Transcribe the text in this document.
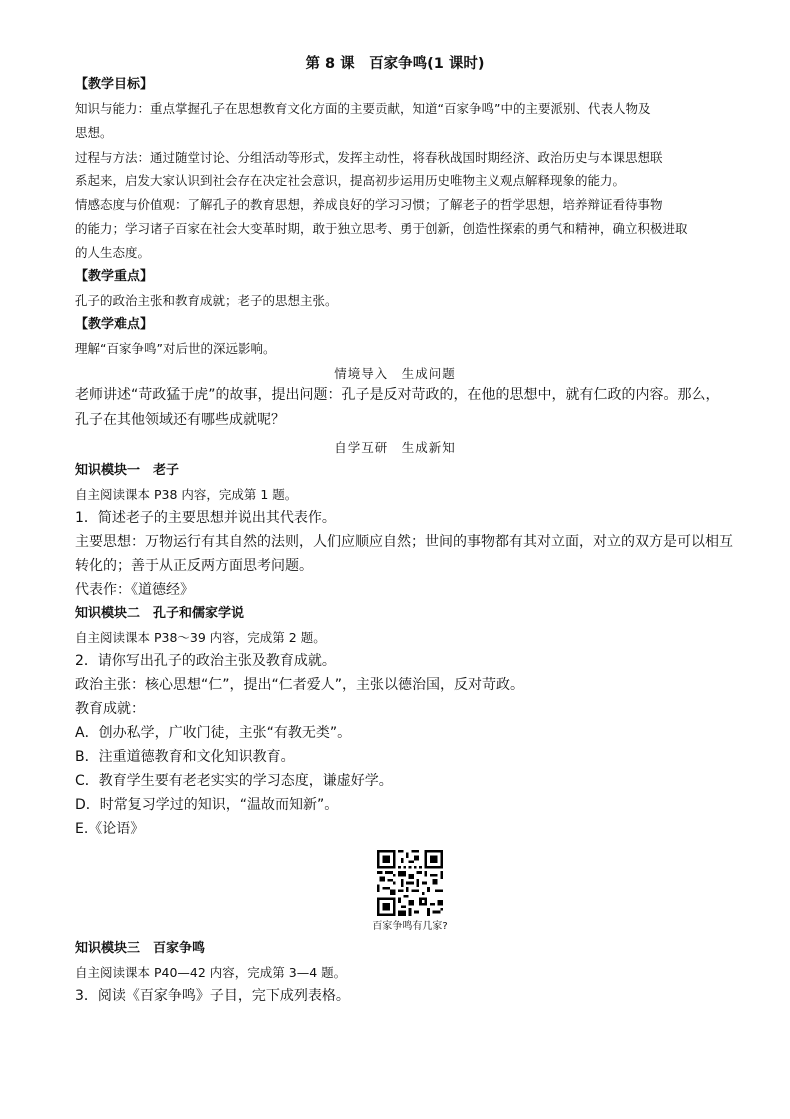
第 8 课　百家争鸣(1 课时)
【教学目标】
知识与能力：重点掌握孔子在思想教育文化方面的主要贡献，知道“百家争鸣”中的主要派别、代表人物及
思想。
过程与方法：通过随堂讨论、分组活动等形式，发挥主动性，将春秋战国时期经济、政治历史与本课思想联
系起来，启发大家认识到社会存在决定社会意识，提高初步运用历史唯物主义观点解释现象的能力。
情感态度与价值观：了解孔子的教育思想，养成良好的学习习惯；了解老子的哲学思想，培养辩证看待事物
的能力；学习诸子百家在社会大变革时期，敢于独立思考、勇于创新，创造性探索的勇气和精神，确立积极进取
的人生态度。
【教学重点】
孔子的政治主张和教育成就；老子的思想主张。
【教学难点】
理解“百家争鸣”对后世的深远影响。
情境导入　生成问题
老师讲述“苛政猛于虎”的故事，提出问题：孔子是反对苛政的，在他的思想中，就有仁政的内容。那么，
孔子在其他领域还有哪些成就呢？
自学互研　生成新知
知识模块一　老子
自主阅读课本 P38 内容，完成第 1 题。
1．简述老子的主要思想并说出其代表作。
主要思想：万物运行有其自然的法则，人们应顺应自然；世间的事物都有其对立面，对立的双方是可以相互
转化的；善于从正反两方面思考问题。
代表作：《道德经》
知识模块二　孔子和儒家学说
自主阅读课本 P38～39 内容，完成第 2 题。
2．请你写出孔子的政治主张及教育成就。
政治主张：核心思想“仁”，提出“仁者爱人”，主张以德治国，反对苛政。
教育成就：
A．创办私学，广收门徒，主张“有教无类”。
B．注重道德教育和文化知识教育。
C．教育学生要有老老实实的学习态度，谦虚好学。
D．时常复习学过的知识，“温故而知新”。
E.《论语》
百家争鸣有几家?
知识模块三　百家争鸣
自主阅读课本 P40—42 内容，完成第 3—4 题。
3．阅读《百家争鸣》子目，完下成列表格。
